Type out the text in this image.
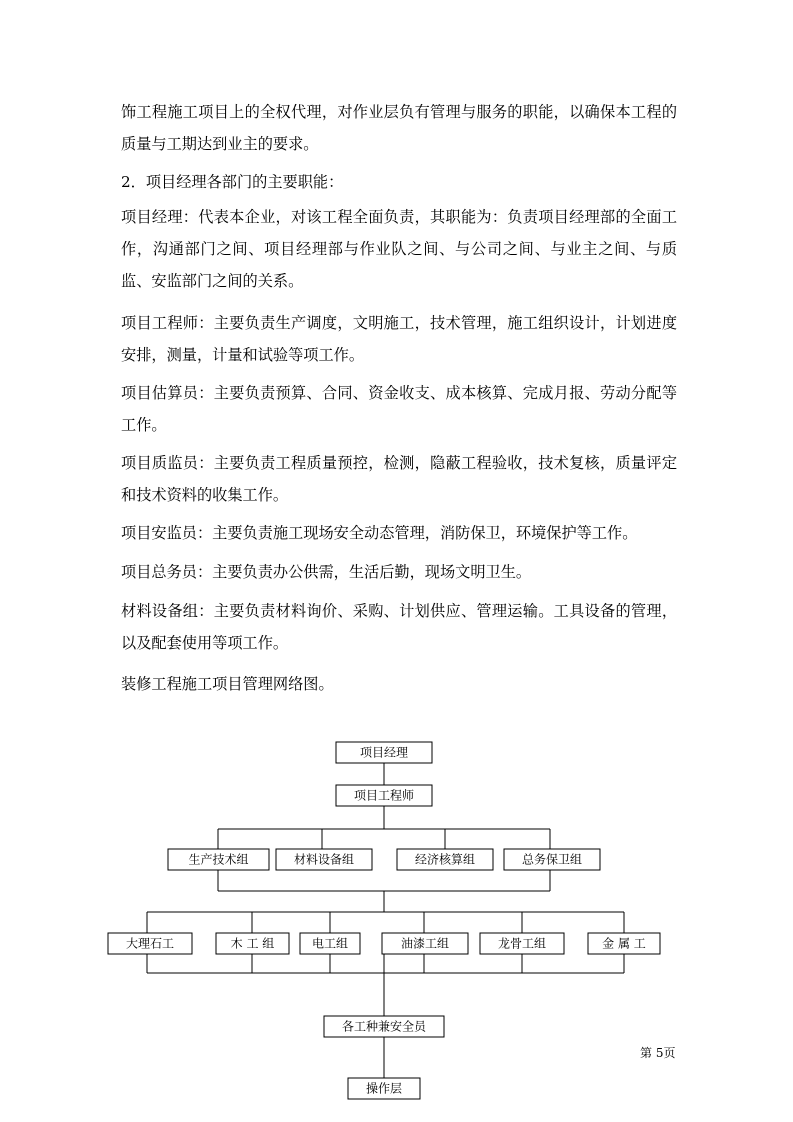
饰工程施工项目上的全权代理，对作业层负有管理与服务的职能，以确保本工程的质量与工期达到业主的要求。

2．项目经理各部门的主要职能：

项目经理：代表本企业，对该工程全面负责，其职能为：负责项目经理部的全面工作，沟通部门之间、项目经理部与作业队之间、与公司之间、与业主之间、与质监、安监部门之间的关系。

项目工程师：主要负责生产调度，文明施工，技术管理，施工组织设计，计划进度安排，测量，计量和试验等项工作。

项目估算员：主要负责预算、合同、资金收支、成本核算、完成月报、劳动分配等工作。

项目质监员：主要负责工程质量预控，检测，隐蔽工程验收，技术复核，质量评定和技术资料的收集工作。

项目安监员：主要负责施工现场安全动态管理，消防保卫，环境保护等工作。

项目总务员：主要负责办公供需，生活后勤，现场文明卫生。

材料设备组：主要负责材料询价、采购、计划供应、管理运输。工具设备的管理，以及配套使用等项工作。

装修工程施工项目管理网络图。

项目经理
项目工程师
生产技术组	材料设备组	经济核算组	总务保卫组
大理石工	木 工 组	电工组	油漆工组	龙骨工组	金 属 工
各工种兼安全员
操作层
第 5页
